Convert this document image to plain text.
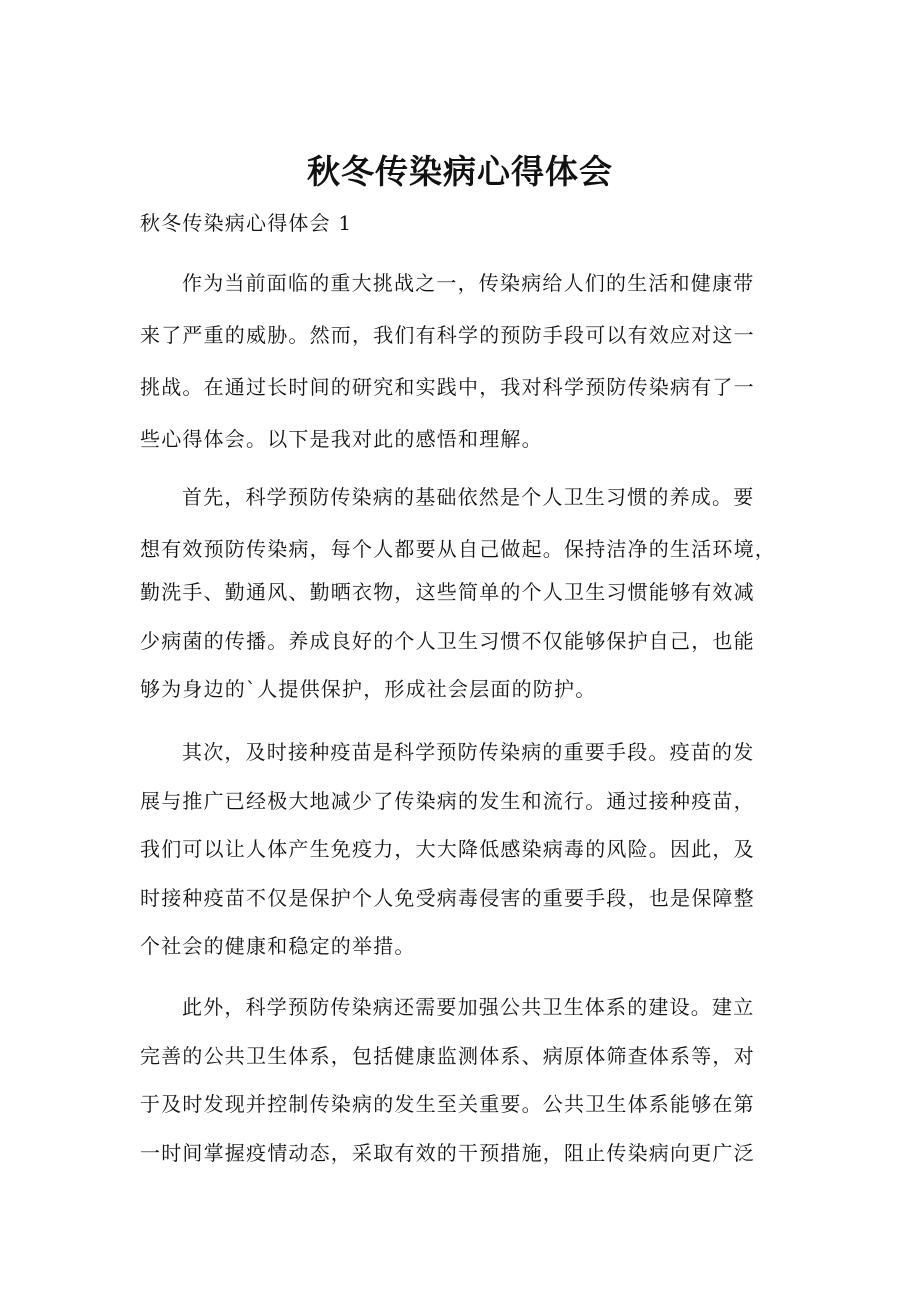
秋冬传染病心得体会

秋冬传染病心得体会 1

作为当前面临的重大挑战之一，传染病给人们的生活和健康带

来了严重的威胁。然而，我们有科学的预防手段可以有效应对这一

挑战。在通过长时间的研究和实践中，我对科学预防传染病有了一

些心得体会。以下是我对此的感悟和理解。

首先，科学预防传染病的基础依然是个人卫生习惯的养成。要

想有效预防传染病，每个人都要从自己做起。保持洁净的生活环境，

勤洗手、勤通风、勤晒衣物，这些简单的个人卫生习惯能够有效减

少病菌的传播。养成良好的个人卫生习惯不仅能够保护自己，也能

够为身边的`人提供保护，形成社会层面的防护。

其次，及时接种疫苗是科学预防传染病的重要手段。疫苗的发

展与推广已经极大地减少了传染病的发生和流行。通过接种疫苗，

我们可以让人体产生免疫力，大大降低感染病毒的风险。因此，及

时接种疫苗不仅是保护个人免受病毒侵害的重要手段，也是保障整

个社会的健康和稳定的举措。

此外，科学预防传染病还需要加强公共卫生体系的建设。建立

完善的公共卫生体系，包括健康监测体系、病原体筛查体系等，对

于及时发现并控制传染病的发生至关重要。公共卫生体系能够在第

一时间掌握疫情动态，采取有效的干预措施，阻止传染病向更广泛
